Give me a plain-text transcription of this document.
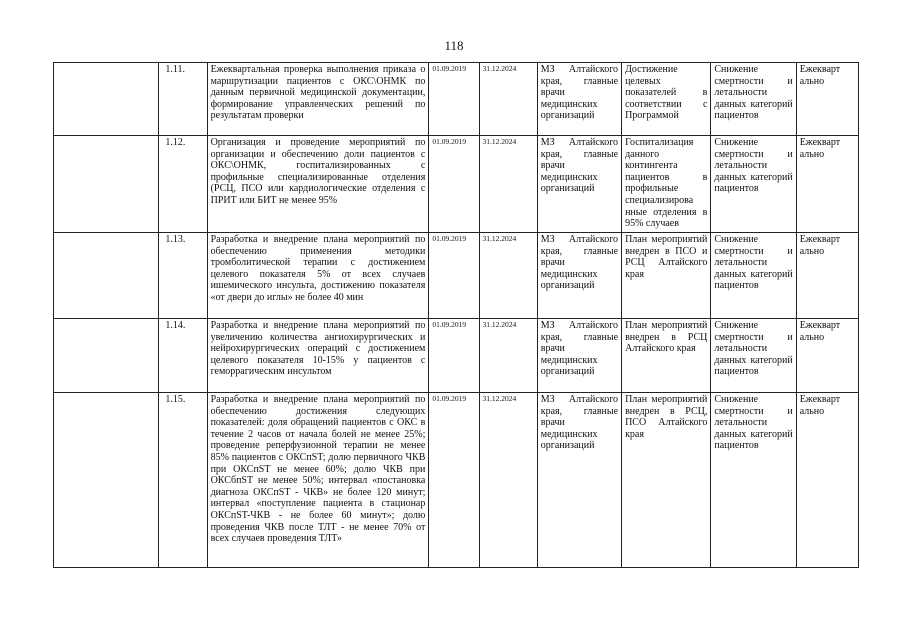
118
	1.11.	Ежеквартальная проверка выполнения приказа о маршрутизации пациентов с ОКС\ОНМК по данным первичной медицинской документации, формирование управленческих решений по результатам проверки	01.09.2019	31.12.2024	МЗ Алтайского края, главные врачи медицинских организаций	Достижение целевых показателей в соответствии с Программой	Снижение смертности и летальности данных категорий пациентов	Ежекварт ально
	1.12.	Организация и проведение мероприятий по организации и обеспечению доли пациентов с ОКС\ОНМК, госпитализированных с профильные специализированные отделения (РСЦ, ПСО или кардиологические отделения с ПРИТ или БИТ не менее 95%	01.09.2019	31.12.2024	МЗ Алтайского края, главные врачи медицинских организаций	Госпитализация данного контингента пациентов в профильные специализирова нные отделения в 95% случаев	Снижение смертности и летальности данных категорий пациентов	Ежекварт ально
	1.13.	Разработка и внедрение плана мероприятий по обеспечению применения методики тромболитической терапии с достижением целевого показателя 5% от всех случаев ишемического инсульта, достижению показателя «от двери до иглы» не более 40 мин	01.09.2019	31.12.2024	МЗ Алтайского края, главные врачи медицинских организаций	План мероприятий внедрен в ПСО и РСЦ Алтайского края	Снижение смертности и летальности данных категорий пациентов	Ежекварт ально
	1.14.	Разработка и внедрение плана мероприятий по увеличению количества ангиохирургических и нейрохирургических операций с достижением целевого показателя 10-15% у пациентов с геморрагическим инсультом	01.09.2019	31.12.2024	МЗ Алтайского края, главные врачи медицинских организаций	План мероприятий внедрен в РСЦ Алтайского края	Снижение смертности и летальности данных категорий пациентов	Ежекварт ально
	1.15.	Разработка и внедрение плана мероприятий по обеспечению достижения следующих показателей: доля обращений пациентов с ОКС в течение 2 часов от начала болей не менее 25%; проведение реперфузионной терапии не менее 85% пациентов с ОКСпST; долю первичного ЧКВ при ОКСпST не менее 60%; долю ЧКВ при ОКСбпST не менее 50%; интервал «постановка диагноза ОКСпST - ЧКВ» не более 120 минут; интервал «поступление пациента в стационар ОКСпST-ЧКВ - не более 60 минут»; долю проведения ЧКВ после ТЛТ - не менее 70% от всех случаев проведения ТЛТ»	01.09.2019	31.12.2024	МЗ Алтайского края, главные врачи медицинских организаций	План мероприятий внедрен в РСЦ, ПСО Алтайского края	Снижение смертности и летальности данных категорий пациентов	Ежекварт ально
